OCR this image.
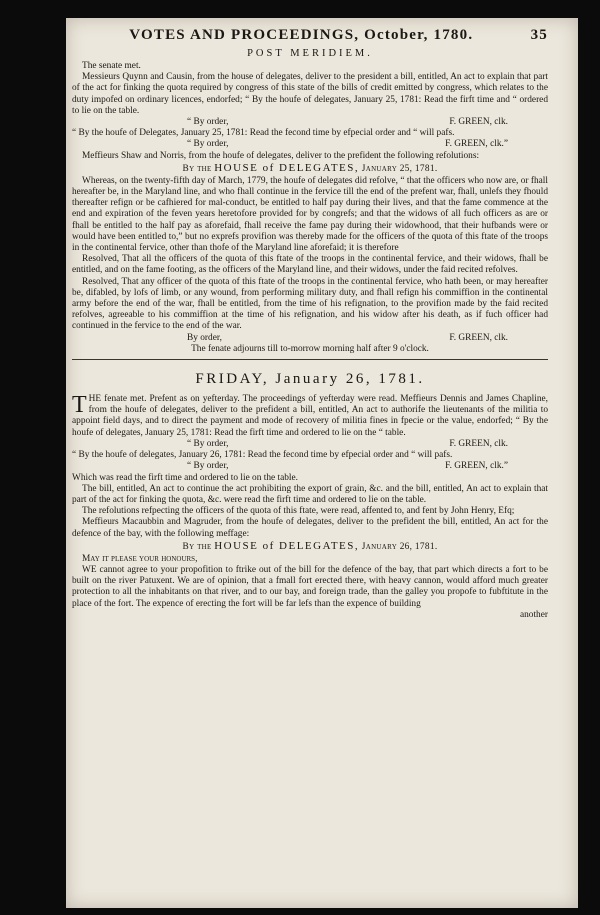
VOTES AND PROCEEDINGS, October, 1780.	35
POST MERIDIEM.

The senate met.

Messieurs Quynn and Causin, from the house of delegates, deliver to the president a bill, entitled, An act to explain that part of the act for finking the quota required by congress of this state of the bills of credit emitted by congress, which relates to the duty impofed on ordinary licences, endorfed; “ By the houfe of delegates, January 25, 1781: Read the firft time and “ ordered to lie on the table.

“ By order,	F. GREEN, clk.

“ By the houfe of Delegates, January 25, 1781: Read the fecond time by efpecial order and “ will pafs.

“ By order,	F. GREEN, clk.”

Meffieurs Shaw and Norris, from the houfe of delegates, deliver to the prefident the following refolutions:

By the HOUSE of DELEGATES, January 25, 1781.

Whereas, on the twenty-fifth day of March, 1779, the houfe of delegates did refolve, “ that the officers who now are, or fhall hereafter be, in the Maryland line, and who fhall continue in the fervice till the end of the prefent war, fhall, unlefs they fhould thereafter refign or be cafhiered for mal-conduct, be entitled to half pay during their lives, and that the fame commence at the end and expiration of the feven years heretofore provided for by congrefs; and that the widows of all fuch officers as are or fhall be entitled to the half pay as aforefaid, fhall receive the fame pay during their widowhood, that their hufbands were or would have been entitled to,” but no exprefs provifion was thereby made for the officers of the quota of this ftate of the troops in the continental fervice, other than thofe of the Maryland line aforefaid; it is therefore

Resolved, That all the officers of the quota of this ftate of the troops in the continental fervice, and their widows, fhall be entitled, and on the fame footing, as the officers of the Maryland line, and their widows, under the faid recited refolves.

Resolved, That any officer of the quota of this ftate of the troops in the continental fervice, who hath been, or may hereafter be, difabled, by lofs of limb, or any wound, from performing military duty, and fhall refign his commiffion in the continental army before the end of the war, fhall be entitled, from the time of his refignation, to the provifion made by the faid recited refolves, agreeable to his commiffion at the time of his refignation, and his widow after his death, as if fuch officer had continued in the fervice to the end of the war.

By order,	F. GREEN, clk.
The fenate adjourns till to-morrow morning half after 9 o'clock.
FRIDAY, January 26, 1781.

THE fenate met. Prefent as on yefterday. The proceedings of yefterday were read. Meffieurs Dennis and James Chapline, from the houfe of delegates, deliver to the prefident a bill, entitled, An act to authorife the lieutenants of the militia to appoint field days, and to direct the payment and mode of recovery of militia fines in fpecie or the value, endorfed; “ By the houfe of delegates, January 25, 1781: Read the firft time and ordered to lie on the “ table.

“ By order,	F. GREEN, clk.

“ By the houfe of delegates, January 26, 1781: Read the fecond time by efpecial order and “ will pafs.

“ By order,	F. GREEN, clk.”

Which was read the firft time and ordered to lie on the table.

The bill, entitled, An act to continue the act prohibiting the export of grain, &c. and the bill, entitled, An act to explain that part of the act for finking the quota, &c. were read the firft time and ordered to lie on the table.

The refolutions refpecting the officers of the quota of this ftate, were read, affented to, and fent by John Henry, Efq;

Meffieurs Macaubbin and Magruder, from the houfe of delegates, deliver to the prefident the bill, entitled, An act for the defence of the bay, with the following meffage:

By the HOUSE of DELEGATES, January 26, 1781.

May it please your honours,

WE cannot agree to your propofition to ftrike out of the bill for the defence of the bay, that part which directs a fort to be built on the river Patuxent. We are of opinion, that a fmall fort erected there, with heavy cannon, would afford much greater protection to all the inhabitants on that river, and to our bay, and foreign trade, than the galley you propofe to fubftitute in the place of the fort. The expence of erecting the fort will be far lefs than the expence of building

another
